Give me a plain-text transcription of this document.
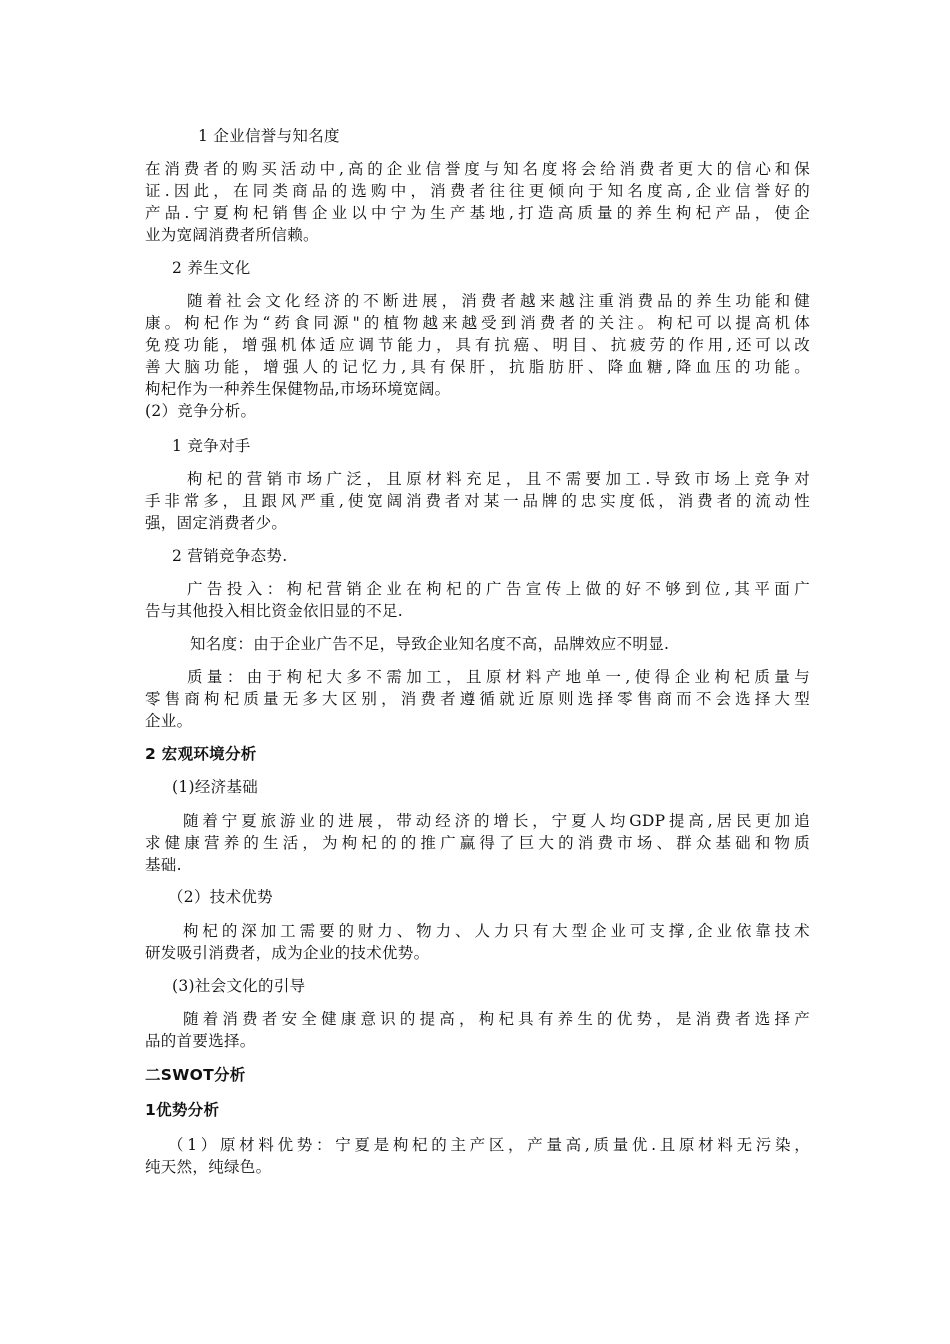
1 企业信誉与知名度
在消费者的购买活动中,高的企业信誉度与知名度将会给消费者更大的信心和保
证.因此，在同类商品的选购中，消费者往往更倾向于知名度高,企业信誉好的
产品.宁夏枸杞销售企业以中宁为生产基地,打造高质量的养生枸杞产品，使企
业为宽阔消费者所信赖。
2 养生文化
随着社会文化经济的不断进展，消费者越来越注重消费品的养生功能和健
康。枸杞作为“药食同源"的植物越来越受到消费者的关注。枸杞可以提高机体
免疫功能，增强机体适应调节能力，具有抗癌、明目、抗疲劳的作用,还可以改
善大脑功能，增强人的记忆力,具有保肝，抗脂肪肝、降血糖,降血压的功能。
枸杞作为一种养生保健物品,市场环境宽阔。
(2）竞争分析。
1 竞争对手
枸杞的营销市场广泛，且原材料充足，且不需要加工.导致市场上竞争对
手非常多，且跟风严重,使宽阔消费者对某一品牌的忠实度低，消费者的流动性
强，固定消费者少。
2 营销竞争态势.
广告投入：枸杞营销企业在枸杞的广告宣传上做的好不够到位,其平面广
告与其他投入相比资金依旧显的不足.
知名度：由于企业广告不足，导致企业知名度不高，品牌效应不明显.
质量：由于枸杞大多不需加工，且原材料产地单一,使得企业枸杞质量与
零售商枸杞质量无多大区别，消费者遵循就近原则选择零售商而不会选择大型
企业。
2 宏观环境分析
(1)经济基础
随着宁夏旅游业的进展，带动经济的增长，宁夏人均GDP提高,居民更加追
求健康营养的生活，为枸杞的的推广赢得了巨大的消费市场、群众基础和物质
基础.
（2）技术优势
枸杞的深加工需要的财力、物力、人力只有大型企业可支撑,企业依靠技术
研发吸引消费者，成为企业的技术优势。
(3)社会文化的引导
随着消费者安全健康意识的提高，枸杞具有养生的优势，是消费者选择产
品的首要选择。
二SWOT分析
1优势分析
（1）原材料优势：宁夏是枸杞的主产区，产量高,质量优.且原材料无污染，
纯天然，纯绿色。
